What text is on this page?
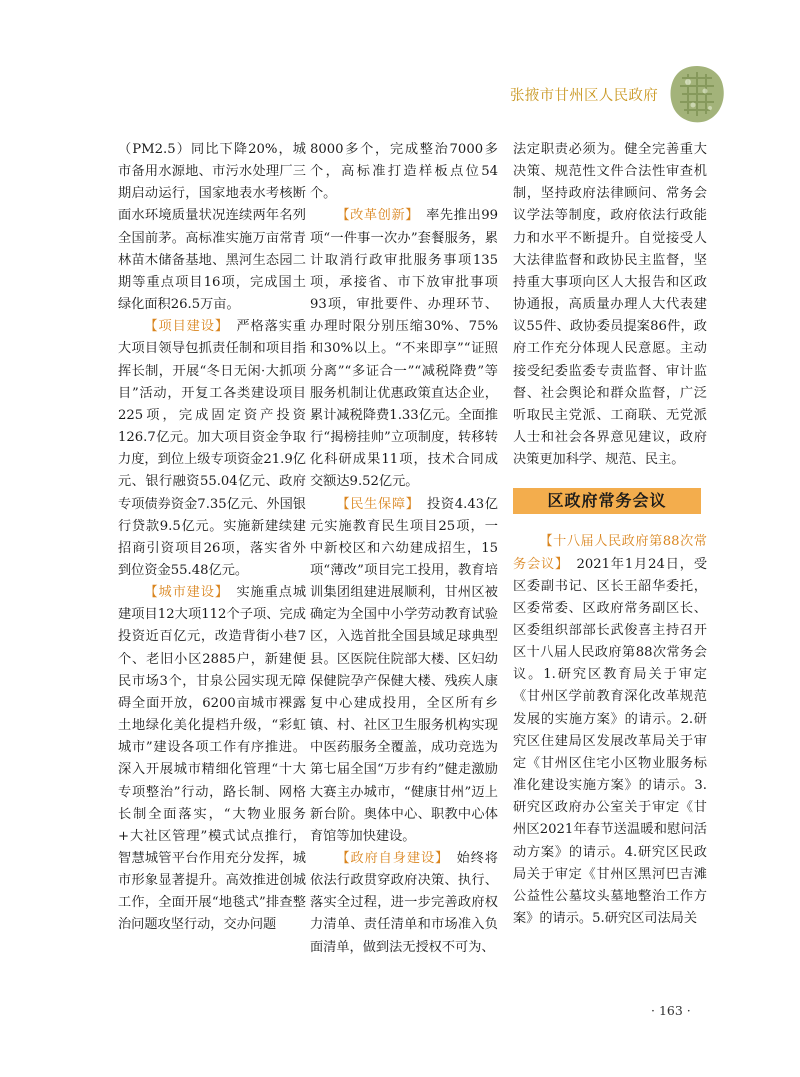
张掖市甘州区人民政府

（PM2.5）同比下降20%，城市备用水源地、市污水处理厂三期启动运行，国家地表水考核断面水环境质量状况连续两年名列全国前茅。高标准实施万亩常青林苗木储备基地、黑河生态园二期等重点项目16项，完成国土绿化面积26.5万亩。

【项目建设】　 严格落实重大项目领导包抓责任制和项目指挥长制，开展“冬日无闲·大抓项目”活动，开复工各类建设项目225项，完成固定资产投资126.7亿元。加大项目资金争取力度，到位上级专项资金21.9亿元、银行融资55.04亿元、政府专项债券资金7.35亿元、外国银行贷款9.5亿元。实施新建续建招商引资项目26项，落实省外到位资金55.48亿元。

【城市建设】　 实施重点城建项目12大项112个子项、完成投资近百亿元，改造背街小巷7个、老旧小区2885户，新建便民市场3个，甘泉公园实现无障碍全面开放，6200亩城市裸露土地绿化美化提档升级，“彩虹城市”建设各项工作有序推进。深入开展城市精细化管理“十大专项整治”行动，路长制、网格长制全面落实，“大物业服务+大社区管理”模式试点推行，智慧城管平台作用充分发挥，城市形象显著提升。高效推进创城工作，全面开展“地毯式”排查整治问题攻坚行动，交办问题

8000多个，完成整治7000多个，高标准打造样板点位54个。

【改革创新】　 率先推出99项“一件事一次办”套餐服务，累计取消行政审批服务事项135项，承接省、市下放审批事项93项，审批要件、办理环节、办理时限分别压缩30%、75%和30%以上。“不来即享”“证照分离”“多证合一”“减税降费”等服务机制让优惠政策直达企业，累计减税降费1.33亿元。全面推行“揭榜挂帅”立项制度，转移转化科研成果11项，技术合同成交额达9.52亿元。

【民生保障】　 投资4.43亿元实施教育民生项目25项，一中新校区和六幼建成招生，15项“薄改”项目完工投用，教育培训集团组建进展顺利，甘州区被确定为全国中小学劳动教育试验区，入选首批全国县域足球典型县。区医院住院部大楼、区妇幼保健院孕产保健大楼、残疾人康复中心建成投用，全区所有乡镇、村、社区卫生服务机构实现中医药服务全覆盖，成功竞选为第七届全国“万步有约”健走激励大赛主办城市，“健康甘州”迈上新台阶。奥体中心、职教中心体育馆等加快建设。

【政府自身建设】　 始终将依法行政贯穿政府决策、执行、落实全过程，进一步完善政府权力清单、责任清单和市场准入负面清单，做到法无授权不可为、

法定职责必须为。健全完善重大决策、规范性文件合法性审查机制，坚持政府法律顾问、常务会议学法等制度，政府依法行政能力和水平不断提升。自觉接受人大法律监督和政协民主监督，坚持重大事项向区人大报告和区政协通报，高质量办理人大代表建议55件、政协委员提案86件，政府工作充分体现人民意愿。主动接受纪委监委专责监督、审计监督、社会舆论和群众监督，广泛听取民主党派、工商联、无党派人士和社会各界意见建议，政府决策更加科学、规范、民主。

区政府常务会议

【十八届人民政府第88次常务会议】　 2021年1月24日，受区委副书记、区长王韶华委托，区委常委、区政府常务副区长、区委组织部部长武俊喜主持召开区十八届人民政府第88次常务会议。1.研究区教育局关于审定《甘州区学前教育深化改革规范发展的实施方案》的请示。2.研究区住建局区发展改革局关于审定《甘州区住宅小区物业服务标准化建设实施方案》的请示。3.研究区政府办公室关于审定《甘州区2021年春节送温暖和慰问活动方案》的请示。4.研究区民政局关于审定《甘州区黑河巴吉滩公益性公墓坟头墓地整治工作方案》的请示。5.研究区司法局关

· 163 ·
